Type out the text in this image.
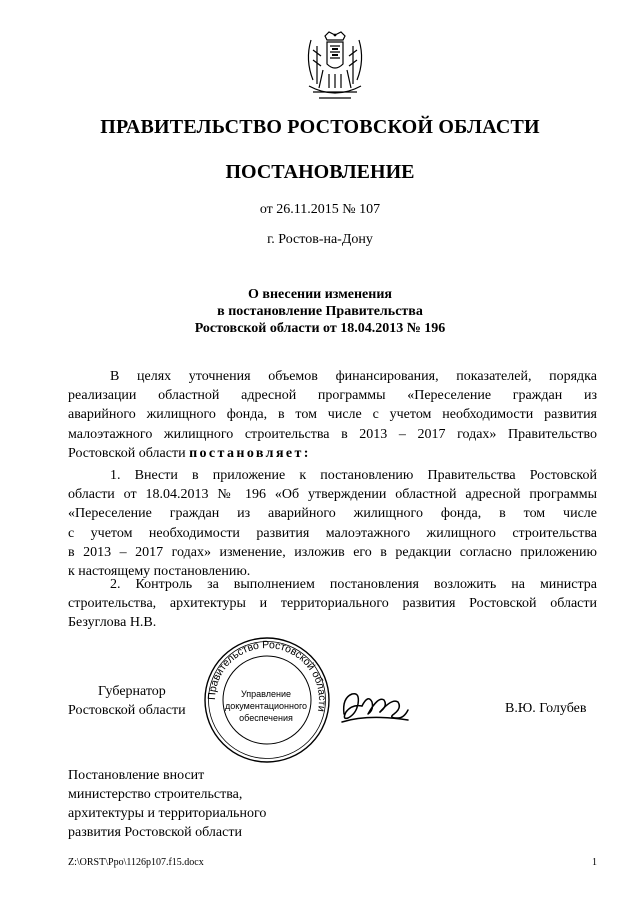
ПРАВИТЕЛЬСТВО РОСТОВСКОЙ ОБЛАСТИ
ПОСТАНОВЛЕНИЕ
от 26.11.2015 № 107
г. Ростов-на-Дону
О внесении изменения
в постановление Правительства
Ростовской области от 18.04.2013 № 196
В целях уточнения объемов финансирования, показателей, порядка
реализации областной адресной программы «Переселение граждан из
аварийного жилищного фонда, в том числе с учетом необходимости развития
малоэтажного жилищного строительства в 2013 – 2017 годах» Правительство
Ростовской области постановляет:
1. Внести в приложение к постановлению Правительства Ростовской
области от 18.04.2013 № 196 «Об утверждении областной адресной программы
«Переселение граждан из аварийного жилищного фонда, в том числе
с учетом необходимости развития малоэтажного жилищного строительства
в 2013 – 2017 годах» изменение, изложив его в редакции согласно приложению
к настоящему постановлению.
2. Контроль за выполнением постановления возложить на министра
строительства, архитектуры и территориального развития Ростовской области
Безуглова Н.В.
Правительство Ростовской области
Управление
документационного
обеспечения
Губернатор
Ростовской области	В.Ю. Голубев
Постановление вносит
министерство строительства,
архитектуры и территориального
развития Ростовской области
Z:\ORST\Ppo\1126p107.f15.docx	1
